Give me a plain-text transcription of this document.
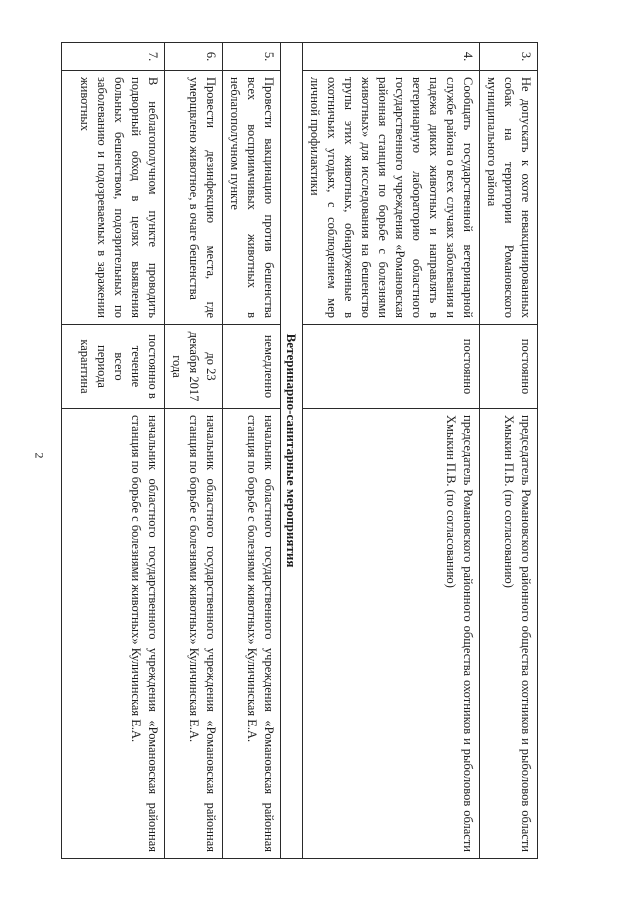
2
3.	Не допускать к охоте невакцинированных собак на территории Романовского муниципального района	постоянно	председатель Романовского районного общества охотников и рыболовов области Хмыкин П.В. (по согласованию)
4.	Сообщать государственной ветеринарной службе района о всех случаях заболевания и падежа диких животных и направлять в ветеринарную лабораторию областного государственного учреждения «Романовская районная станция по борьбе с болезнями животных» для исследования на бешенство трупы этих животных, обнаруженные в охотничьих угодьях, с соблюдением мер личной профилактики	постоянно	председатель Романовского районного общества охотников и рыболовов области Хмыкин П.В. (по согласованию)
Ветеринарно-санитарные мероприятия			
5.	Провести вакцинацию против бешенства всех восприимчивых животных в неблагополучном пункте	немедленно	начальник областного государственного учреждения «Романовская районная станция по борьбе с болезнями животных» Куличинская Е.А.
6.	Провести дезинфекцию места, где умерщвлено животное, в очаге бешенства	до 23 декабря 2017 года	начальник областного государственного учреждения «Романовская районная станция по борьбе с болезнями животных» Куличинская Е.А.
7.	В неблагополучном пункте проводить подворный обход в целях выявления больных бешенством, подозрительных по заболеванию и подозреваемых в заражении животных	постоянно в течение всего периода карантина	начальник областного государственного учреждения «Романовская районная станция по борьбе с болезнями животных» Куличинская Е.А.
